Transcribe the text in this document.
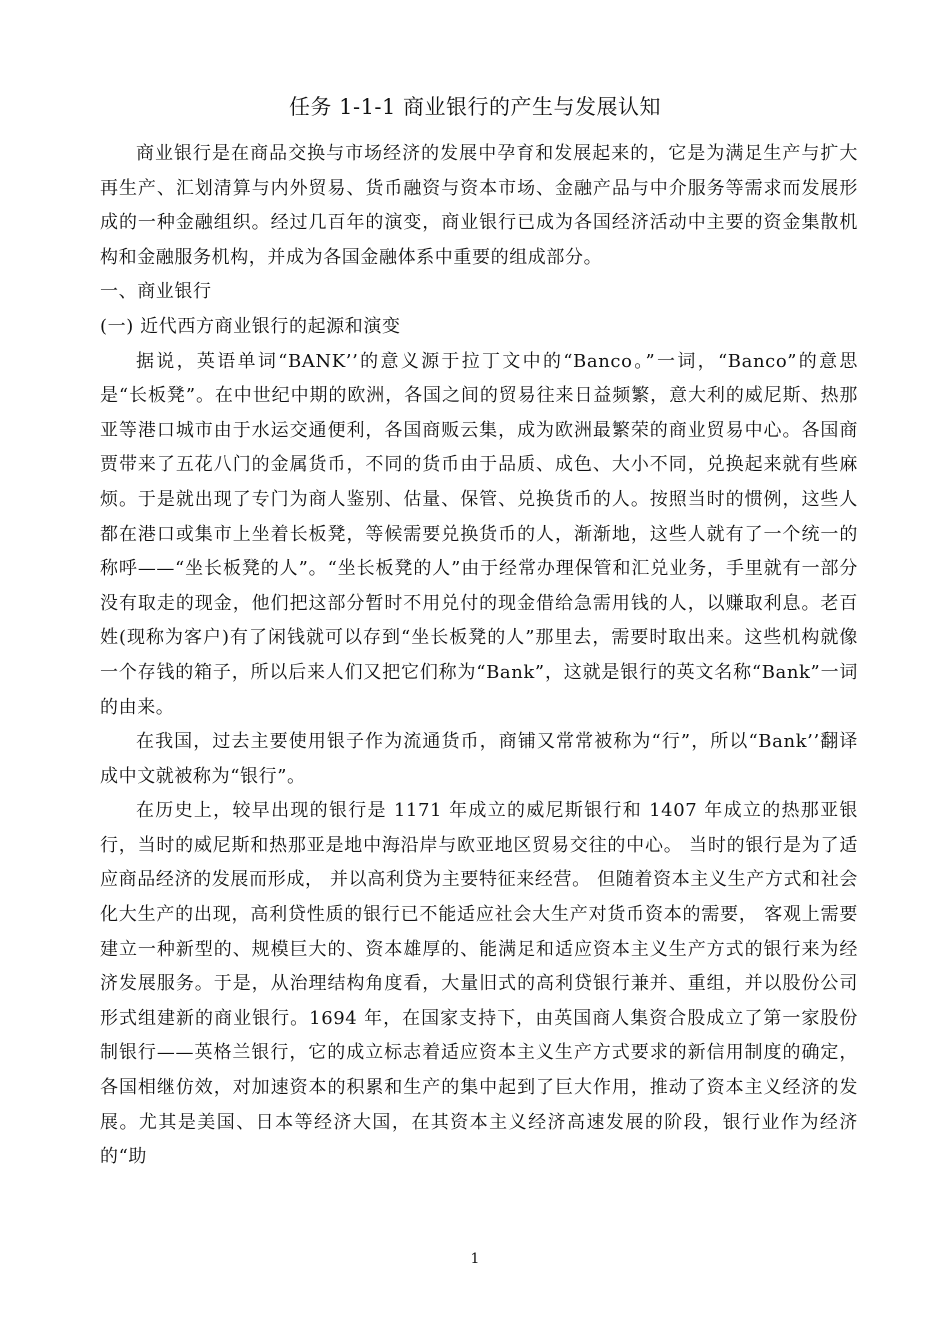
任务 1-1-1 商业银行的产生与发展认知

商业银行是在商品交换与市场经济的发展中孕育和发展起来的，它是为满足生产与扩大再生产、汇划清算与内外贸易、货币融资与资本市场、金融产品与中介服务等需求而发展形成的一种金融组织。经过几百年的演变，商业银行已成为各国经济活动中主要的资金集散机构和金融服务机构，并成为各国金融体系中重要的组成部分。

一、商业银行

(一) 近代西方商业银行的起源和演变

据说，英语单词“BANK’’的意义源于拉丁文中的“Banco。”一词，“Banco”的意思是“长板凳”。在中世纪中期的欧洲，各国之间的贸易往来日益频繁，意大利的威尼斯、热那亚等港口城市由于水运交通便利，各国商贩云集，成为欧洲最繁荣的商业贸易中心。各国商贾带来了五花八门的金属货币，不同的货币由于品质、成色、大小不同，兑换起来就有些麻烦。于是就出现了专门为商人鉴别、估量、保管、兑换货币的人。按照当时的惯例，这些人都在港口或集市上坐着长板凳，等候需要兑换货币的人，渐渐地，这些人就有了一个统一的称呼——“坐长板凳的人”。“坐长板凳的人”由于经常办理保管和汇兑业务，手里就有一部分没有取走的现金，他们把这部分暂时不用兑付的现金借给急需用钱的人，以赚取利息。老百姓(现称为客户)有了闲钱就可以存到“坐长板凳的人”那里去，需要时取出来。这些机构就像一个存钱的箱子，所以后来人们又把它们称为“Bank”，这就是银行的英文名称“Bank”一词的由来。

在我国，过去主要使用银子作为流通货币，商铺又常常被称为“行”，所以“Bank’’翻译成中文就被称为“银行”。

在历史上，较早出现的银行是 1171 年成立的威尼斯银行和 1407 年成立的热那亚银行，当时的威尼斯和热那亚是地中海沿岸与欧亚地区贸易交往的中心。 当时的银行是为了适应商品经济的发展而形成， 并以高利贷为主要特征来经营。 但随着资本主义生产方式和社会化大生产的出现，高利贷性质的银行已不能适应社会大生产对货币资本的需要， 客观上需要建立一种新型的、规模巨大的、资本雄厚的、能满足和适应资本主义生产方式的银行来为经济发展服务。于是，从治理结构角度看，大量旧式的高利贷银行兼并、重组，并以股份公司形式组建新的商业银行。1694 年，在国家支持下，由英国商人集资合股成立了第一家股份制银行——英格兰银行，它的成立标志着适应资本主义生产方式要求的新信用制度的确定，各国相继仿效，对加速资本的积累和生产的集中起到了巨大作用，推动了资本主义经济的发展。尤其是美国、日本等经济大国，在其资本主义经济高速发展的阶段，银行业作为经济的“助

1
